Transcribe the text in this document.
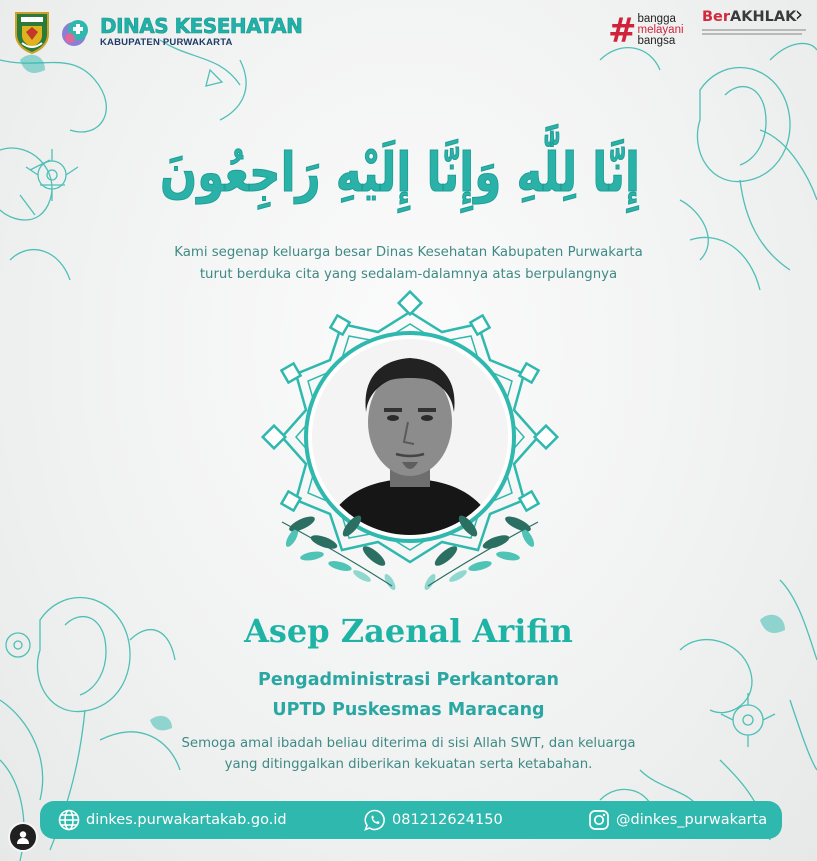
DINAS KESEHATAN
KABUPATEN PURWAKARTA	# bangga
melayani
bangsa
BerAKHLAK
›
إِنَّا لِلَّٰهِ وَإِنَّا إِلَيْهِ رَاجِعُونَ
Kami segenap keluarga besar Dinas Kesehatan Kabupaten Purwakarta
turut berduka cita yang sedalam-dalamnya atas berpulangnya
Asep Zaenal Arifin
Pengadministrasi Perkantoran
UPTD Puskesmas Maracang
Semoga amal ibadah beliau diterima di sisi Allah SWT, dan keluarga
yang ditinggalkan diberikan kekuatan serta ketabahan.
dinkes.purwakartakab.go.id	081212624150	@dinkes_purwakarta
